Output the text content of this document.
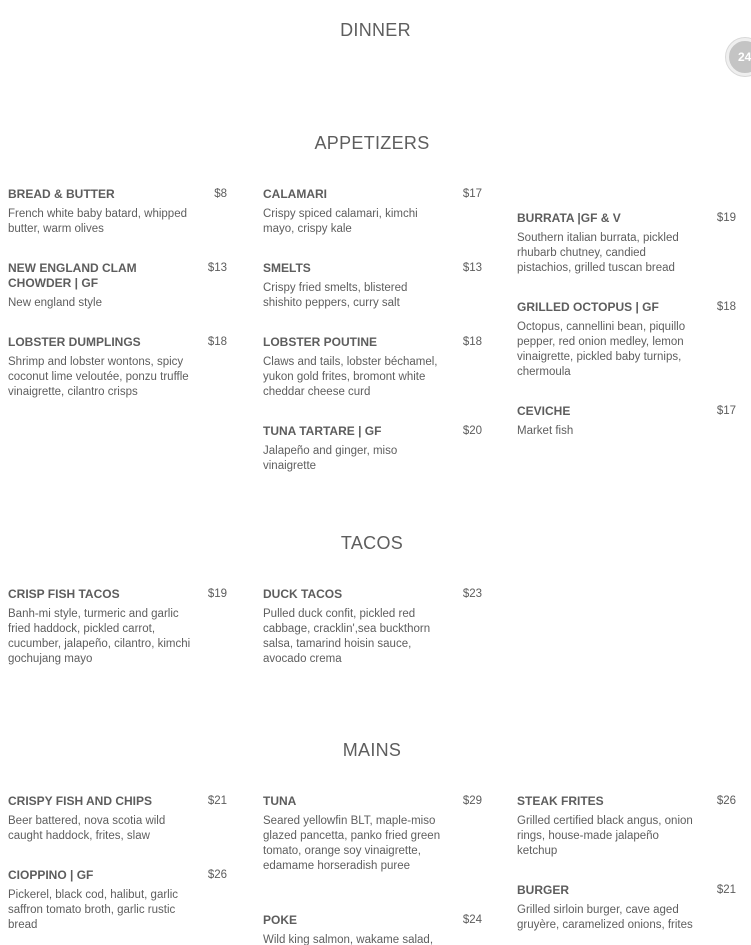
DINNER
24
APPETIZERS
BREAD & BUTTER	$8
French white baby batard, whipped butter, warm olives
NEW ENGLAND CLAM CHOWDER | GF
$13
New england style
LOBSTER DUMPLINGS	$18
Shrimp and lobster wontons, spicy coconut lime veloutée, ponzu truffle vinaigrette, cilantro crisps
CALAMARI	$17
Crispy spiced calamari, kimchi mayo, crispy kale
SMELTS	$13
Crispy fried smelts, blistered shishito peppers, curry salt
LOBSTER POUTINE	$18
Claws and tails, lobster béchamel, yukon gold frites, bromont white cheddar cheese curd
TUNA TARTARE | GF	$20
Jalapeño and ginger, miso vinaigrette
BURRATA |GF & V	$19
Southern italian burrata, pickled rhubarb chutney, candied pistachios, grilled tuscan bread
GRILLED OCTOPUS | GF	$18
Octopus, cannellini bean, piquillo pepper, red onion medley, lemon vinaigrette, pickled baby turnips, chermoula
CEVICHE	$17
Market fish
TACOS
CRISP FISH TACOS	$19
Banh-mi style, turmeric and garlic fried haddock, pickled carrot, cucumber, jalapeño, cilantro, kimchi gochujang mayo
DUCK TACOS	$23
Pulled duck confit, pickled red cabbage, cracklin',sea buckthorn salsa, tamarind hoisin sauce, avocado crema
MAINS
CRISPY FISH AND CHIPS	$21
Beer battered, nova scotia wild caught haddock, frites, slaw
CIOPPINO | GF	$26
Pickerel, black cod, halibut, garlic saffron tomato broth, garlic rustic bread
TUNA	$29
Seared yellowfin BLT, maple-miso glazed pancetta, panko fried green tomato, orange soy vinaigrette, edamame horseradish puree
POKE	$24
Wild king salmon, wakame salad,
STEAK FRITES	$26
Grilled certified black angus, onion rings, house-made jalapeño ketchup
BURGER	$21
Grilled sirloin burger, cave aged gruyère, caramelized onions, frites
